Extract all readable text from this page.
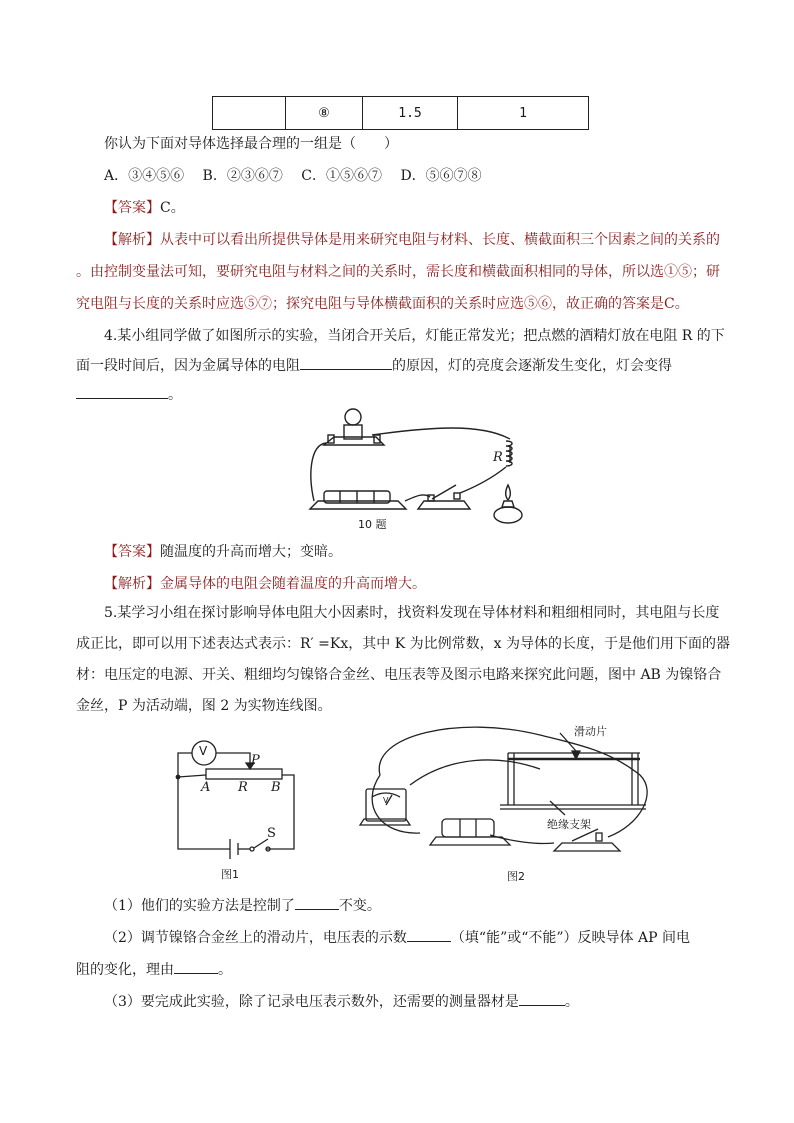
	⑧	1.5	1
你认为下面对导体选择最合理的一组是（　　）
A．③④⑤⑥　 B．②③⑥⑦　 C．①⑤⑥⑦　 D．⑤⑥⑦⑧
【答案】C。
【解析】从表中可以看出所提供导体是用来研究电阻与材料、长度、横截面积三个因素之间的关系的
。由控制变量法可知，要研究电阻与材料之间的关系时，需长度和横截面积相同的导体，所以选①⑤；研
究电阻与长度的关系时应选⑤⑦；探究电阻与导体横截面积的关系时应选⑤⑥，故正确的答案是C。
4.某小组同学做了如图所示的实验，当闭合开关后，灯能正常发光；把点燃的酒精灯放在电阻 R 的下
面一段时间后，因为金属导体的电阻	的原因，灯的亮度会逐渐发生变化，灯会变得
。
R
10 题
【答案】随温度的升高而增大；变暗。
【解析】金属导体的电阻会随着温度的升高而增大。
5.某学习小组在探讨影响导体电阻大小因素时，找资料发现在导体材料和粗细相同时，其电阻与长度
成正比，即可以用下述表达式表示：R′ =Kx，其中 K 为比例常数，x 为导体的长度，于是他们用下面的器
材：电压定的电源、开关、粗细均匀镍铬合金丝、电压表等及图示电路来探究此问题，图中 AB 为镍铬合
金丝，P 为活动端，图 2 为实物连线图。
V
P
A R B
S
图1
滑动片
绝缘支架
V
图2
（1）他们的实验方法是控制了	不变。
（2）调节镍铬合金丝上的滑动片，电压表的示数	（填“能”或“不能”）反映导体 AP 间电
阻的变化，理由	。
（3）要完成此实验，除了记录电压表示数外，还需要的测量器材是	。
